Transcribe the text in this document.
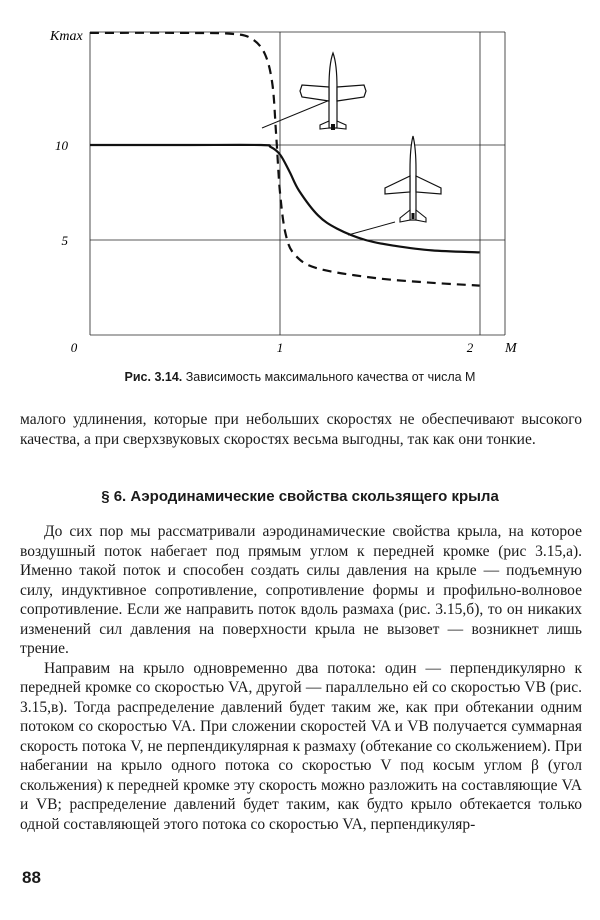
Kmax
M
10
5
0	1	2
Рис. 3.14. Зависимость максимального качества от числа М

малого удлинения, которые при небольших скоростях не обеспечивают высокого качества, а при сверхзвуковых скоростях весьма выгодны, так как они тонкие.

§ 6. Аэродинамические свойства скользящего крыла

До сих пор мы рассматривали аэродинамические свойства крыла, на которое воздушный поток набегает под прямым углом к передней кромке (рис 3.15,а). Именно такой поток и способен создать силы давления на крыле — подъемную силу, индуктивное сопротивление, сопротивление формы и профильно-волновое сопротивление. Если же направить поток вдоль размаха (рис. 3.15,б), то он никаких изменений сил давления на поверхности крыла не вызовет — возникнет лишь трение.

Направим на крыло одновременно два потока: один — перпендикулярно к передней кромке со скоростью VA, другой — параллельно ей со скоростью VB (рис. 3.15,в). Тогда распределение давлений будет таким же, как при обтекании одним потоком со скоростью VA. При сложении скоростей VA и VB получается суммарная скорость потока V, не перпендикулярная к размаху (обтекание со скольжением). При набегании на крыло одного потока со скоростью V под косым углом β (угол скольжения) к передней кромке эту скорость можно разложить на составляющие VA и VB; распределение давлений будет таким, как будто крыло обтекается только одной составляющей этого потока со скоростью VA, перпендикуляр-

88
